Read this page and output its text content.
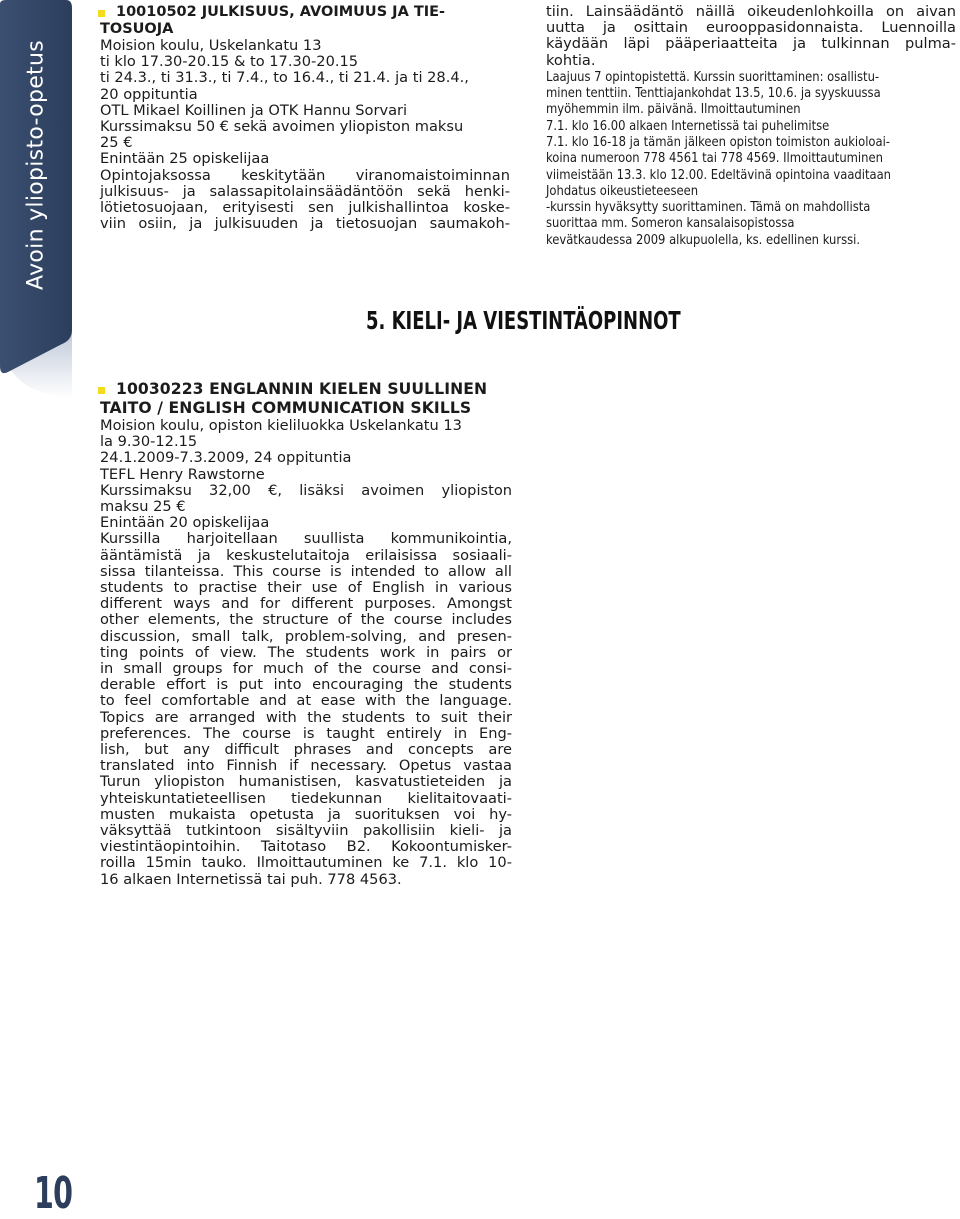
Avoin yliopisto-opetus
10
10010502 JULKISUUS, AVOIMUUS JA TIE-
TOSUOJA

Moision koulu, Uskelankatu 13

ti klo 17.30-20.15 & to 17.30-20.15

ti 24.3., ti 31.3., ti 7.4., to 16.4., ti 21.4. ja ti 28.4.,

20 oppituntia

OTL Mikael Koillinen ja OTK Hannu Sorvari

Kurssimaksu 50 € sekä avoimen yliopiston maksu

25 €

Enintään 25 opiskelijaa

Opintojaksossa keskitytään viranomaistoiminnan

julkisuus- ja salassapitolainsäädäntöön sekä henki-

lötietosuojaan, erityisesti sen julkishallintoa koske-

viin osiin, ja julkisuuden ja tietosuojan saumakoh-

tiin. Lainsäädäntö näillä oikeudenlohkoilla on aivan

uutta ja osittain eurooppasidonnaista. Luennoilla

käydään läpi pääperiaatteita ja tulkinnan pulma-

kohtia.

Laajuus 7 opintopistettä. Kurssin suorittaminen: osallistu-

minen tenttiin. Tenttiajankohdat 13.5, 10.6. ja syyskuussa

myöhemmin ilm. päivänä. Ilmoittautuminen

7.1. klo 16.00 alkaen Internetissä tai puhelimitse

7.1. klo 16-18 ja tämän jälkeen opiston toimiston aukioloai-

koina numeroon 778 4561 tai 778 4569. Ilmoittautuminen

viimeistään 13.3. klo 12.00. Edeltävinä opintoina vaaditaan

Johdatus oikeustieteeseen

-kurssin hyväksytty suorittaminen. Tämä on mahdollista

suorittaa mm. Someron kansalaisopistossa

kevätkaudessa 2009 alkupuolella, ks. edellinen kurssi.

5. KIELI- JA VIESTINTÄOPINNOT
10030223 ENGLANNIN KIELEN SUULLINEN
TAITO / ENGLISH COMMUNICATION SKILLS

Moision koulu, opiston kieliluokka Uskelankatu 13

la 9.30-12.15

24.1.2009-7.3.2009, 24 oppituntia

TEFL Henry Rawstorne

Kurssimaksu 32,00 €, lisäksi avoimen yliopiston

maksu 25 €

Enintään 20 opiskelijaa

Kurssilla harjoitellaan suullista kommunikointia,

ääntämistä ja keskustelutaitoja erilaisissa sosiaali-

sissa tilanteissa. This course is intended to allow all

students to practise their use of English in various

different ways and for different purposes. Amongst

other elements, the structure of the course includes

discussion, small talk, problem-solving, and presen-

ting points of view. The students work in pairs or

in small groups for much of the course and consi-

derable effort is put into encouraging the students

to feel comfortable and at ease with the language.

Topics are arranged with the students to suit their

preferences. The course is taught entirely in Eng-

lish, but any difficult phrases and concepts are

translated into Finnish if necessary. Opetus vastaa

Turun yliopiston humanistisen, kasvatustieteiden ja

yhteiskuntatieteellisen tiedekunnan kielitaitovaati-

musten mukaista opetusta ja suorituksen voi hy-

väksyttää tutkintoon sisältyviin pakollisiin kieli- ja

viestintäopintoihin. Taitotaso B2. Kokoontumisker-

roilla 15min tauko. Ilmoittautuminen ke 7.1. klo 10-

16 alkaen Internetissä tai puh. 778 4563.
